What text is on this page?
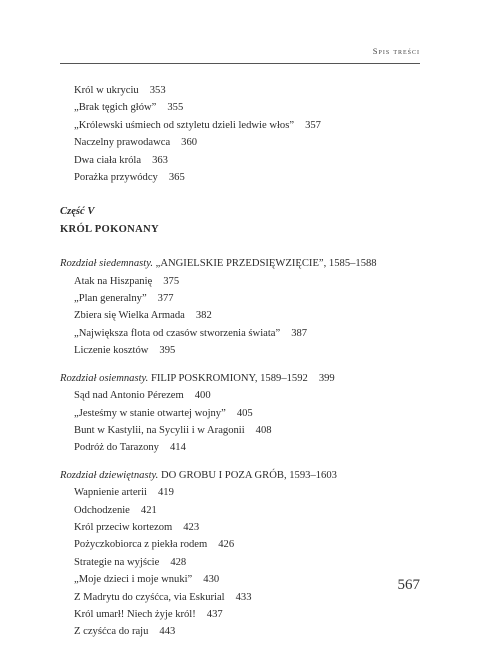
Spis treści
Król w ukryciu 353
„Brak tęgich głów” 355
„Królewski uśmiech od sztyletu dzieli ledwie włos” 357
Naczelny prawodawca 360
Dwa ciała króla 363
Porażka przywódcy 365
Część V
KRÓL POKONANY
Rozdział siedemnasty. „ANGIELSKIE PRZEDSIĘWZIĘCIE”, 1585–1588
Atak na Hiszpanię 375
„Plan generalny” 377
Zbiera się Wielka Armada 382
„Największa flota od czasów stworzenia świata” 387
Liczenie kosztów 395
Rozdział osiemnasty. FILIP POSKROMIONY, 1589–1592 399
Sąd nad Antonio Pérezem 400
„Jesteśmy w stanie otwartej wojny” 405
Bunt w Kastylii, na Sycylii i w Aragonii 408
Podróż do Tarazony 414
Rozdział dziewiętnasty. DO GROBU I POZA GRÓB, 1593–1603
Wapnienie arterii 419
Odchodzenie 421
Król przeciw kortezom 423
Pożyczkobiorca z piekła rodem 426
Strategie na wyjście 428
„Moje dzieci i moje wnuki” 430
Z Madrytu do czyśćca, via Eskurial 433
Król umarł! Niech żyje król! 437
Z czyśćca do raju 443
567
